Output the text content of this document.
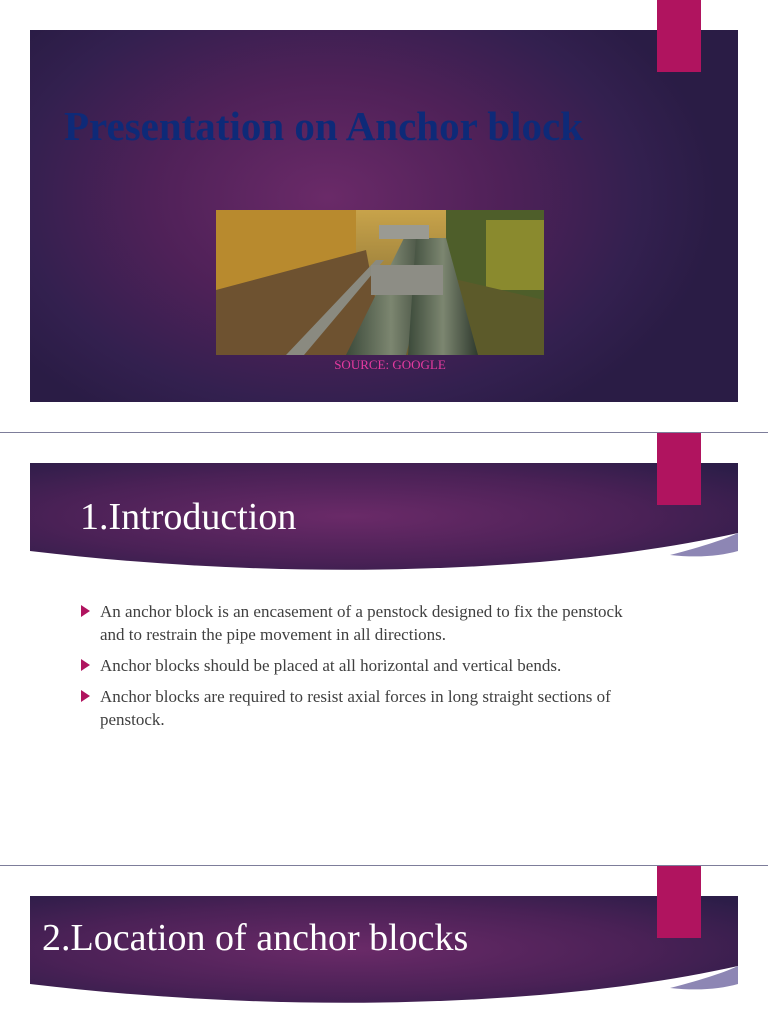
Presentation on Anchor block
SOURCE: GOOGLE
1.Introduction
An anchor block is an encasement of a penstock designed to fix the penstock and to restrain the pipe movement in all directions.
Anchor blocks should be placed at all horizontal and vertical bends.
Anchor blocks are required to resist axial forces in long straight sections of penstock.
2.Location of anchor blocks
